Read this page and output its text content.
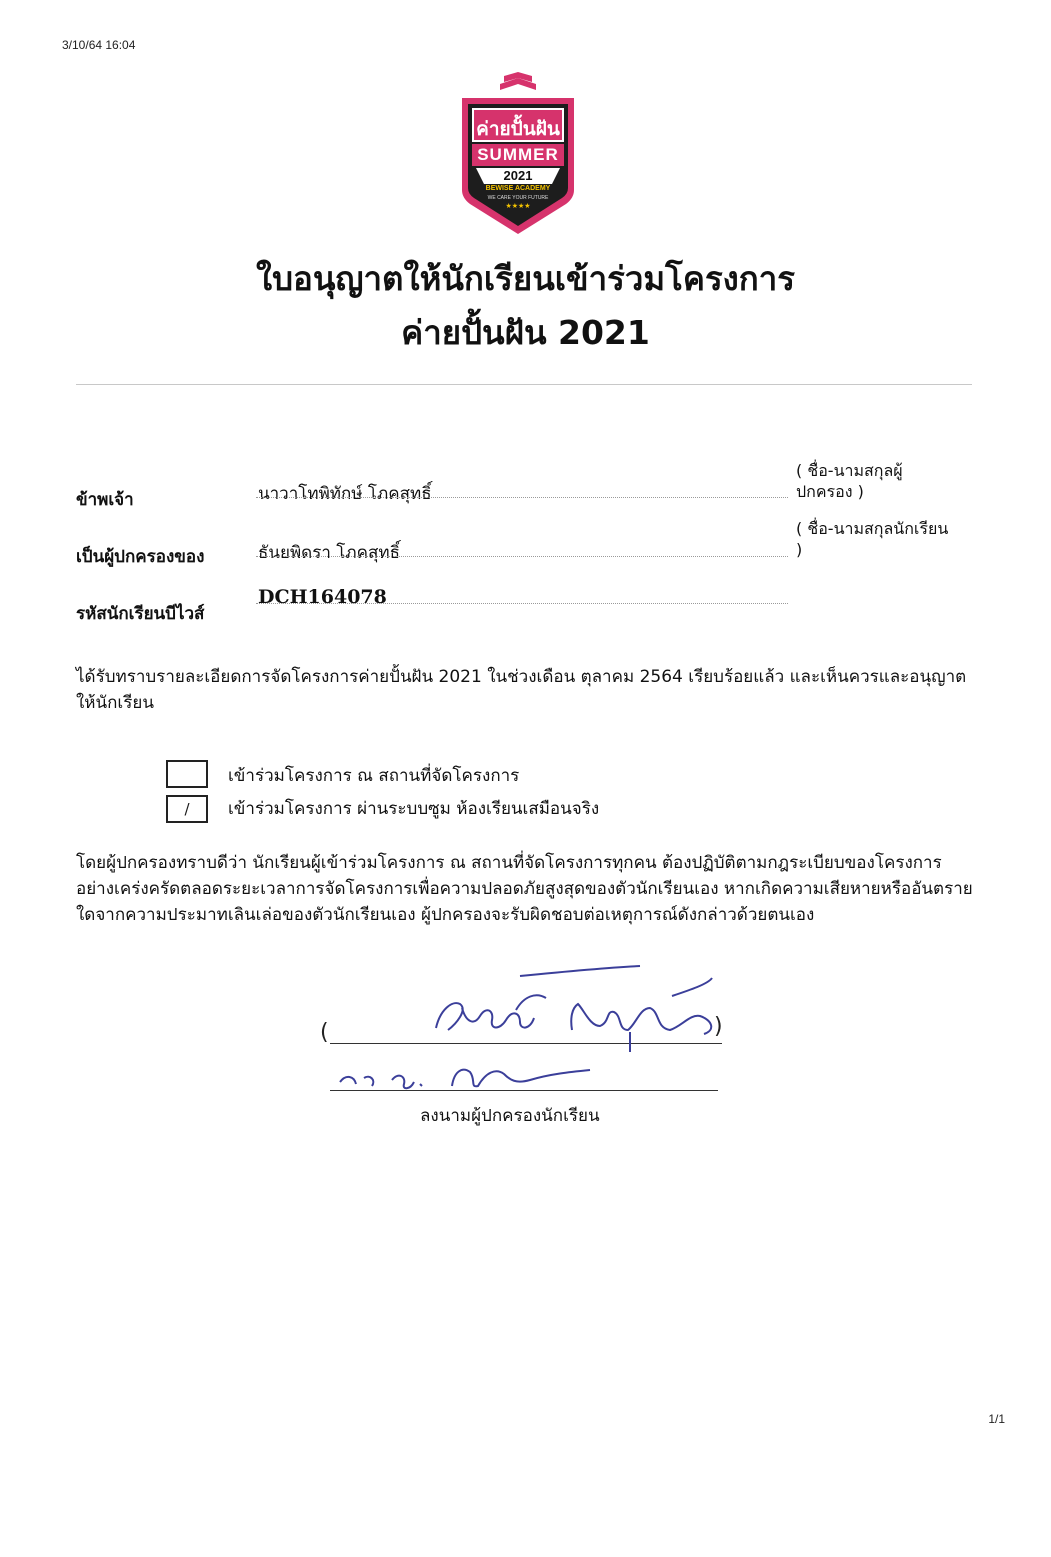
3/10/64 16:04
ค่ายปั้นฝัน
SUMMER
2021
BEWISE ACADEMY
WE CARE YOUR FUTURE
★★★★
ใบอนุญาตให้นักเรียนเข้าร่วมโครงการ
ค่ายปั้นฝัน 2021
ข้าพเจ้า	นาวาโทพิทักษ์ โภคสุทธิ์
( ชื่อ-นามสกุลผู้ปกครอง )
เป็นผู้ปกครองของ	ธันยพิดรา โภคสุทธิ์
( ชื่อ-นามสกุลนักเรียน )
รหัสนักเรียนบีไวส์
DCH164078
ได้รับทราบรายละเอียดการจัดโครงการค่ายปั้นฝัน 2021 ในช่วงเดือน ตุลาคม 2564 เรียบร้อยแล้ว และเห็นควรและอนุญาตให้นักเรียน
เข้าร่วมโครงการ ณ สถานที่จัดโครงการ
/	เข้าร่วมโครงการ ผ่านระบบซูม ห้องเรียนเสมือนจริง
โดยผู้ปกครองทราบดีว่า นักเรียนผู้เข้าร่วมโครงการ ณ สถานที่จัดโครงการทุกคน ต้องปฏิบัติตามกฎระเบียบของโครงการอย่างเคร่งครัดตลอดระยะเวลาการจัดโครงการเพื่อความปลอดภัยสูงสุดของตัวนักเรียนเอง หากเกิดความเสียหายหรืออันตรายใดจากความประมาทเลินเล่อของตัวนักเรียนเอง ผู้ปกครองจะรับผิดชอบต่อเหตุการณ์ดังกล่าวด้วยตนเอง
(	)
ลงนามผู้ปกครองนักเรียน
1/1
